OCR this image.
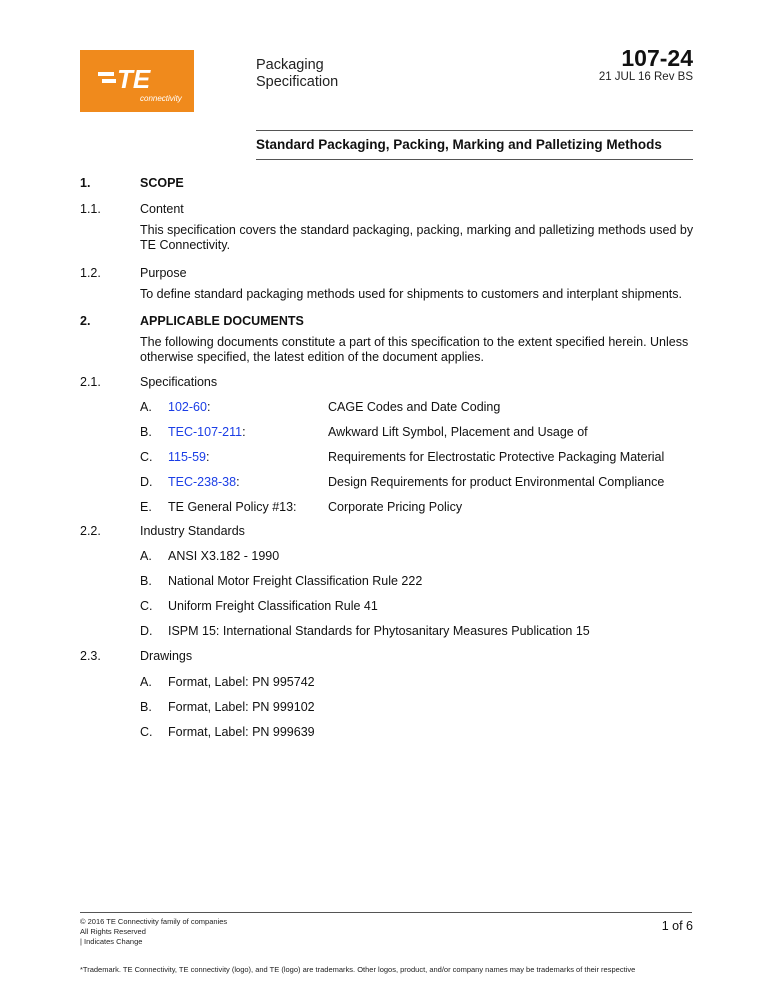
TE
connectivity
Packaging
Specification
107-24
21 JUL 16 Rev BS
Standard Packaging, Packing, Marking and Palletizing Methods
1.	SCOPE
1.1.	Content
This specification covers the standard packaging, packing, marking and palletizing methods used by TE Connectivity.
1.2.	Purpose
To define standard packaging methods used for shipments to customers and interplant shipments.
2.	APPLICABLE DOCUMENTS
The following documents constitute a part of this specification to the extent specified herein. Unless otherwise specified, the latest edition of the document applies.
2.1.	Specifications
A. 102-60:	CAGE Codes and Date Coding
B. TEC-107-211:	Awkward Lift Symbol, Placement and Usage of
C. 115-59:	Requirements for Electrostatic Protective Packaging Material
D. TEC-238-38:	Design Requirements for product Environmental Compliance
E. TE General Policy #13:	Corporate Pricing Policy
2.2.	Industry Standards
A. ANSI X3.182 - 1990
B. National Motor Freight Classification Rule 222
C. Uniform Freight Classification Rule 41
D. ISPM 15: International Standards for Phytosanitary Measures Publication 15
2.3.	Drawings
A. Format, Label: PN 995742
B. Format, Label: PN 999102
C. Format, Label: PN 999639
© 2016 TE Connectivity family of companies
All Rights Reserved
| Indicates Change
1 of 6
*Trademark. TE Connectivity, TE connectivity (logo), and TE (logo) are trademarks. Other logos, product, and/or company names may be trademarks of their respective
